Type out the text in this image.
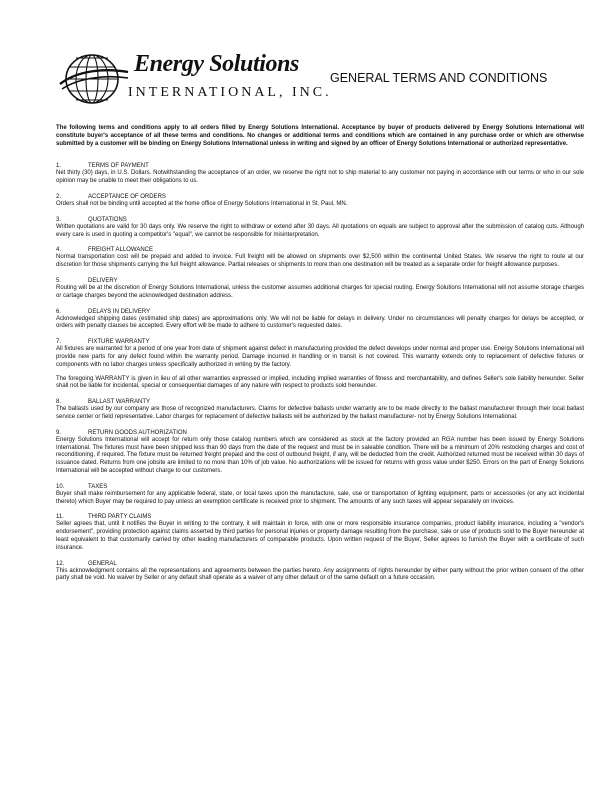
Energy Solutions
INTERNATIONAL, INC.
GENERAL TERMS AND CONDITIONS

The following terms and conditions apply to all orders filled by Energy Solutions International. Acceptance by buyer of products delivered by Energy Solutions International will constitute buyer's acceptance of all these terms and conditions. No changes or additional terms and conditions which are contained in any purchase order or which are otherwise submitted by a customer will be binding on Energy Solutions International unless in writing and signed by an officer of Energy Solutions International or authorized representative.

1.	TERMS OF PAYMENT

Net thirty (30) days, in U.S. Dollars. Notwithstanding the acceptance of an order, we reserve the right not to ship material to any customer not paying in accordance with our terms or who in our sole opinion may be unable to meet their obligations to us.

2.	ACCEPTANCE OF ORDERS

Orders shall not be binding until accepted at the home office of Energy Solutions International in St. Paul, MN.

3.	QUOTATIONS

Written quotations are valid for 30 days only. We reserve the right to withdraw or extend after 30 days. All quotations on equals are subject to approval after the submission of catalog cuts. Although every care is used in quoting a competitor's "equal", we cannot be responsible for misinterpretation.

4.	FREIGHT ALLOWANCE

Normal transportation cost will be prepaid and added to invoice. Full freight will be allowed on shipments over $2,500 within the continental United States. We reserve the right to route at our discretion for those shipments carrying the full freight allowance. Partial releases or shipments to more than one destination will be treated as a separate order for freight allowance purposes.

5.	DELIVERY

Routing will be at the discretion of Energy Solutions International, unless the customer assumes additional charges for special routing. Energy Solutions International will not assume storage charges or cartage charges beyond the acknowledged destination address.

6.	DELAYS IN DELIVERY

Acknowledged shipping dates (estimated ship dates) are approximations only. We will not be liable for delays in delivery. Under no circumstances will penalty charges for delays be accepted, or orders with penalty clauses be accepted. Every effort will be made to adhere to customer's requested dates.

7.	FIXTURE WARRANTY

All fixtures are warranted for a period of one year from date of shipment against defect in manufacturing provided the defect develops under normal and proper use. Energy Solutions International will provide new parts for any defect found within the warranty period. Damage incurred in handling or in transit is not covered. This warranty extends only to replacement of defective fixtures or components with no labor charges unless specifically authorized in writing by the factory.

The foregoing WARRANTY is given in lieu of all other warranties expressed or implied, including implied warranties of fitness and merchantability, and defines Seller's sole liability hereunder. Seller shall not be liable for incidental, special or consequential damages of any nature with respect to products sold hereunder.

8.	BALLAST WARRANTY

The ballasts used by our company are those of recognized manufacturers. Claims for defective ballasts under warranty are to be made directly to the ballast manufacturer through their local ballast service center or field representative. Labor charges for replacement of defective ballasts will be authorized by the ballast manufacturer- not by Energy Solutions International.

9.	RETURN GOODS AUTHORIZATION

Energy Solutions International will accept for return only those catalog numbers which are considered as stock at the factory provided an RGA number has been issued by Energy Solutions International. The fixtures must have been shipped less than 90 days from the date of the request and must be in saleable condition. There will be a minimum of 20% restocking charges and cost of reconditioning, if required. The fixture must be returned freight prepaid and the cost of outbound freight, if any, will be deducted from the credit. Authorized returned must be received within 30 days of issuance dated. Returns from one jobsite are limited to no more than 10% of job value. No authorizations will be issued for returns with gross value under $250. Errors on the part of Energy Solutions International will be accepted without charge to our customers.

10.	TAXES

Buyer shall make reimbursement for any applicable federal, state, or local taxes upon the manufacture, sale, use or transportation of lighting equipment, parts or accessories (or any act incidental thereto) which Buyer may be required to pay unless an exemption certificate is received prior to shipment. The amounts of any such taxes will appear separately on invoices.

11.	THIRD PARTY CLAIMS

Seller agrees that, until it notifies the Buyer in writing to the contrary, it will maintain in force, with one or more responsible insurance companies, product liability insurance, including a "vendor's endorsement", providing protection against claims asserted by third parties for personal injuries or property damage resulting from the purchase, sale or use of products sold to the Buyer hereunder at least equivalent to that customarily carried by other leading manufacturers of comparable products. Upon written request of the Buyer, Seller agrees to furnish the Buyer with a certificate of such insurance.

12.	GENERAL

This acknowledgment contains all the representations and agreements between the parties hereto. Any assignments of rights hereunder by either party without the prior written consent of the other party shall be void. No waiver by Seller or any default shall operate as a waiver of any other default or of the same default on a future occasion.
